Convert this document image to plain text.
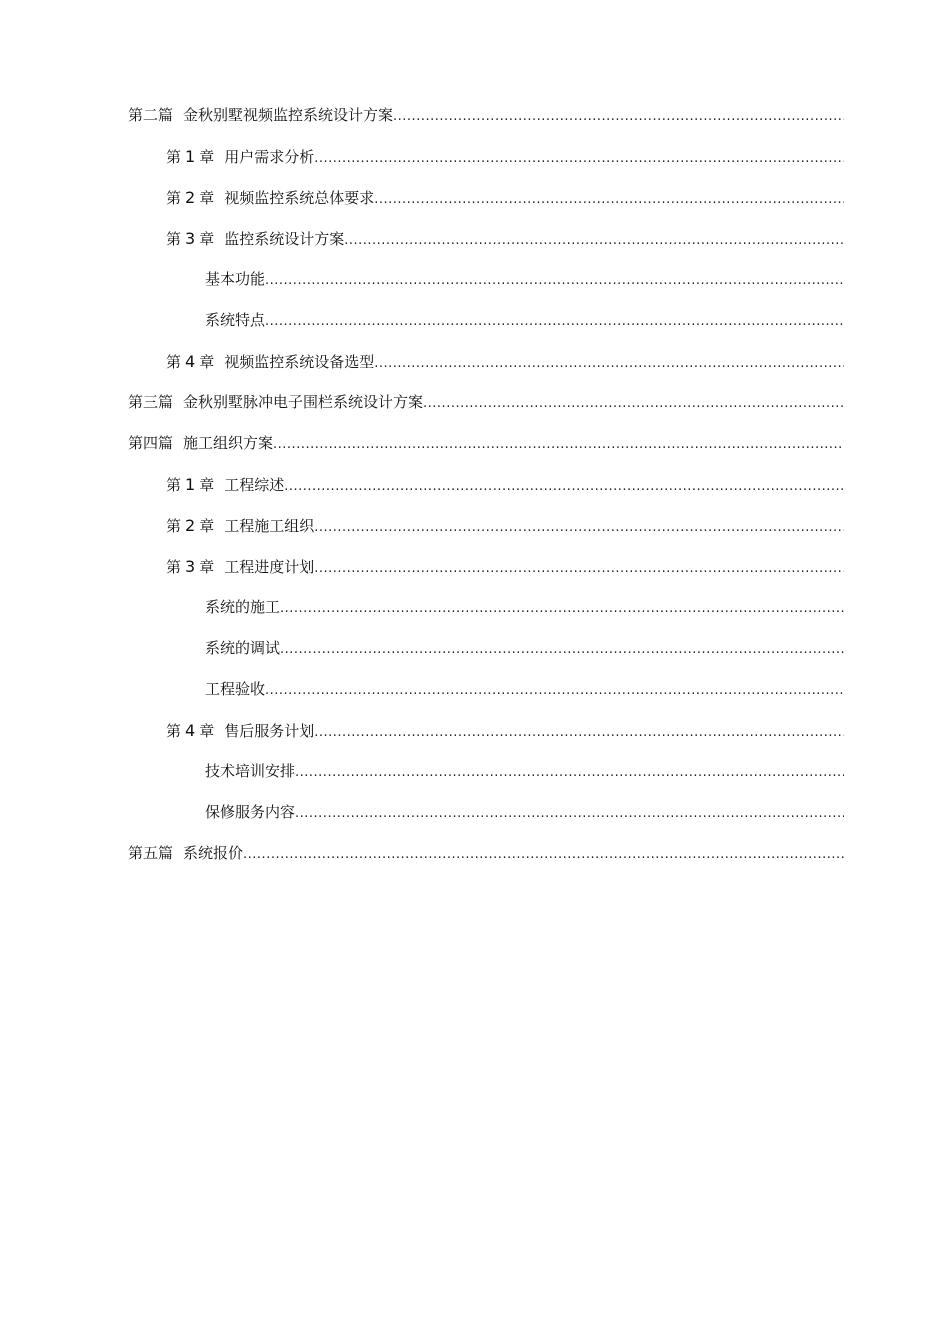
第二篇 金秋别墅视频监控系统设计方案
.....
第 1 章 用户需求分析
.....
第 2 章 视频监控系统总体要求
.....
第 3 章 监控系统设计方案
.....
基本功能
.....
系统特点
.....
第 4 章 视频监控系统设备选型
.....
第三篇 金秋别墅脉冲电子围栏系统设计方案
.....
第四篇 施工组织方案
.....
第 1 章 工程综述
.....
第 2 章 工程施工组织
.....
第 3 章 工程进度计划
.....
系统的施工
.....
系统的调试
.....
工程验收
.....
第 4 章 售后服务计划
.....
技术培训安排
.....
保修服务内容
.....
第五篇 系统报价
.....
